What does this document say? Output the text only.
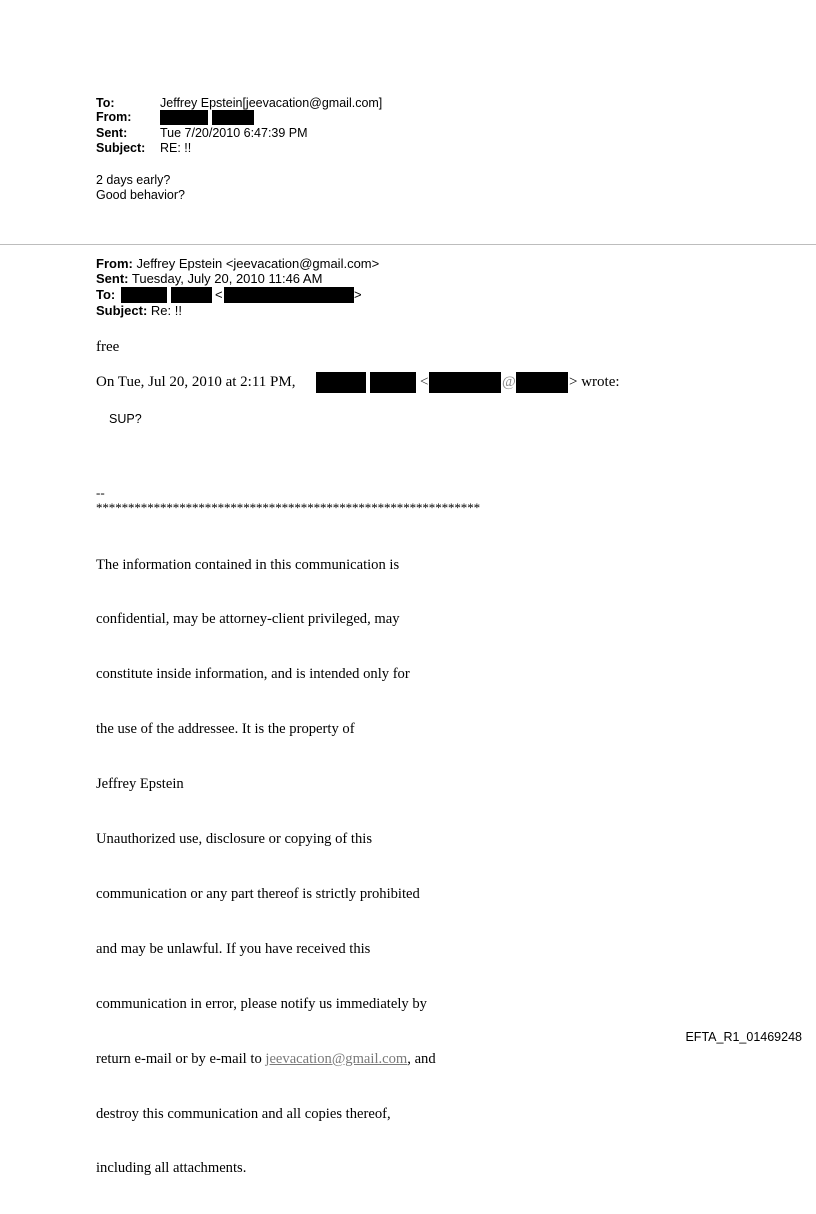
To:	Jeffrey Epstein[jeevacation@gmail.com]
From:
Sent:	Tue 7/20/2010 6:47:39 PM
Subject: RE: !!
2 days early?
Good behavior?
From: Jeffrey Epstein <jeevacation@gmail.com>
Sent: Tuesday, July 20, 2010 11:46 AM
To:	<	>
Subject: Re: !!
free
On Tue, Jul 20, 2010 at 2:11 PM,	<	@	> wrote:
SUP?
--
************************************************************

The information contained in this communication is

confidential, may be attorney-client privileged, may

constitute inside information, and is intended only for

the use of the addressee. It is the property of

Jeffrey Epstein

Unauthorized use, disclosure or copying of this

communication or any part thereof is strictly prohibited

and may be unlawful. If you have received this

communication in error, please notify us immediately by

return e-mail or by e-mail to jeevacation@gmail.com, and

destroy this communication and all copies thereof,

including all attachments.

EFTA_R1_01469248
